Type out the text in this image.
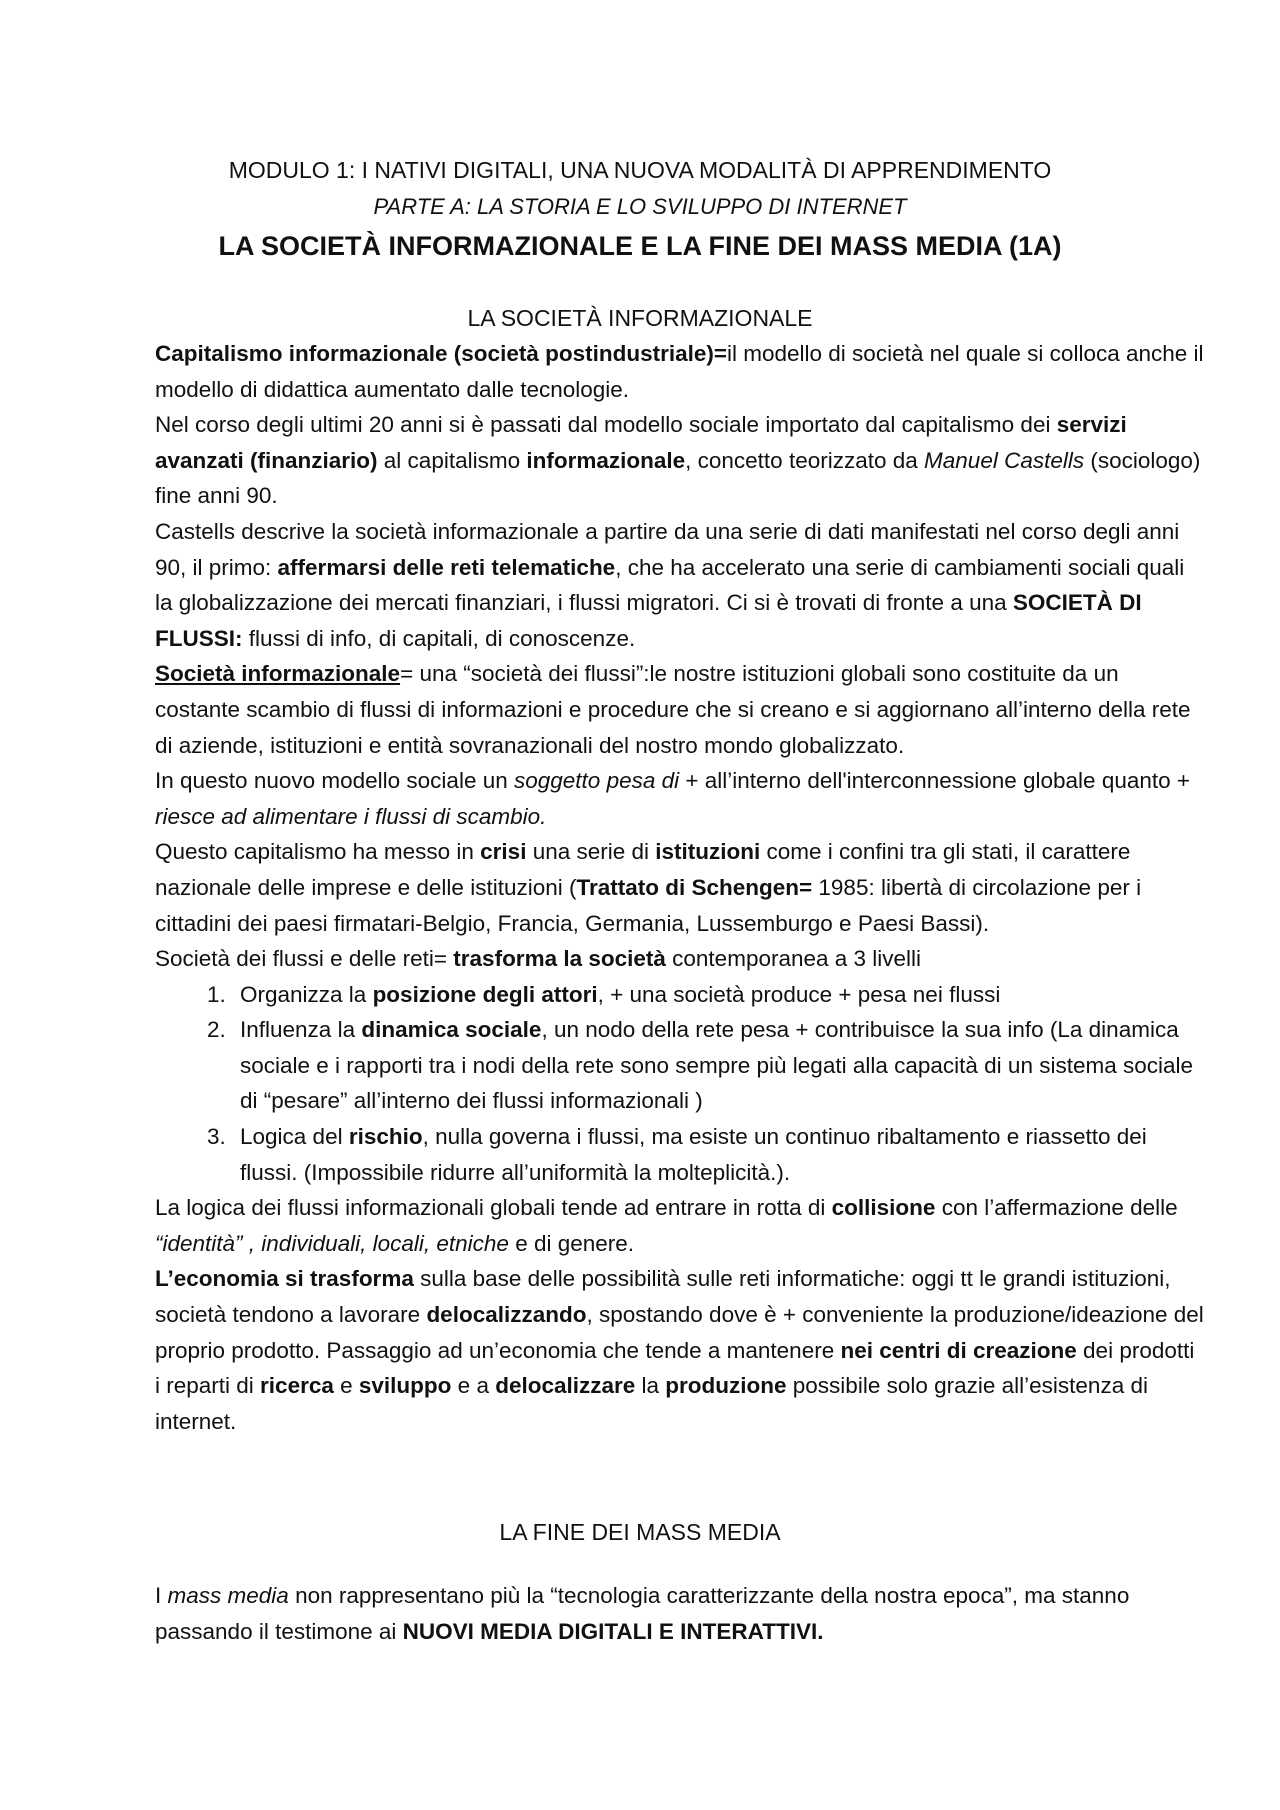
MODULO 1: I NATIVI DIGITALI, UNA NUOVA MODALITÀ DI APPRENDIMENTO
PARTE A: LA STORIA E LO SVILUPPO DI INTERNET
LA SOCIETÀ INFORMAZIONALE E LA FINE DEI MASS MEDIA (1A)
LA SOCIETÀ INFORMAZIONALE

Capitalismo informazionale (società postindustriale)=il modello di società nel quale si colloca anche il modello di didattica aumentato dalle tecnologie.

Nel corso degli ultimi 20 anni si è passati dal modello sociale importato dal capitalismo dei servizi avanzati (finanziario) al capitalismo informazionale, concetto teorizzato da Manuel Castells (sociologo) fine anni 90.

Castells descrive la società informazionale a partire da una serie di dati manifestati nel corso degli anni 90, il primo: affermarsi delle reti telematiche, che ha accelerato una serie di cambiamenti sociali quali la globalizzazione dei mercati finanziari, i flussi migratori. Ci si è trovati di fronte a una SOCIETÀ DI FLUSSI: flussi di info, di capitali, di conoscenze.

Società informazionale= una “società dei flussi”:le nostre istituzioni globali sono costituite da un costante scambio di flussi di informazioni e procedure che si creano e si aggiornano all’interno della rete di aziende, istituzioni e entità sovranazionali del nostro mondo globalizzato.

In questo nuovo modello sociale un soggetto pesa di + all’interno dell'interconnessione globale quanto + riesce ad alimentare i flussi di scambio.

Questo capitalismo ha messo in crisi una serie di istituzioni come i confini tra gli stati, il carattere nazionale delle imprese e delle istituzioni (Trattato di Schengen= 1985: libertà di circolazione per i cittadini dei paesi firmatari-Belgio, Francia, Germania, Lussemburgo e Paesi Bassi).

Società dei flussi e delle reti= trasforma la società contemporanea a 3 livelli

1. Organizza la posizione degli attori, + una società produce + pesa nei flussi
2. Influenza la dinamica sociale, un nodo della rete pesa + contribuisce la sua info (La dinamica sociale e i rapporti tra i nodi della rete sono sempre più legati alla capacità di un sistema sociale di “pesare” all’interno dei flussi informazionali )
3. Logica del rischio, nulla governa i flussi, ma esiste un continuo ribaltamento e riassetto dei flussi. (Impossibile ridurre all’uniformità la molteplicità.).

La logica dei flussi informazionali globali tende ad entrare in rotta di collisione con l’affermazione delle “identità” , individuali, locali, etniche e di genere.

L’economia si trasforma sulla base delle possibilità sulle reti informatiche: oggi tt le grandi istituzioni, società tendono a lavorare delocalizzando, spostando dove è + conveniente la produzione/ideazione del proprio prodotto. Passaggio ad un’economia che tende a mantenere nei centri di creazione dei prodotti i reparti di ricerca e sviluppo e a delocalizzare la produzione possibile solo grazie all’esistenza di internet.

LA FINE DEI MASS MEDIA

I mass media non rappresentano più la “tecnologia caratterizzante della nostra epoca”, ma stanno passando il testimone ai NUOVI MEDIA DIGITALI E INTERATTIVI.
